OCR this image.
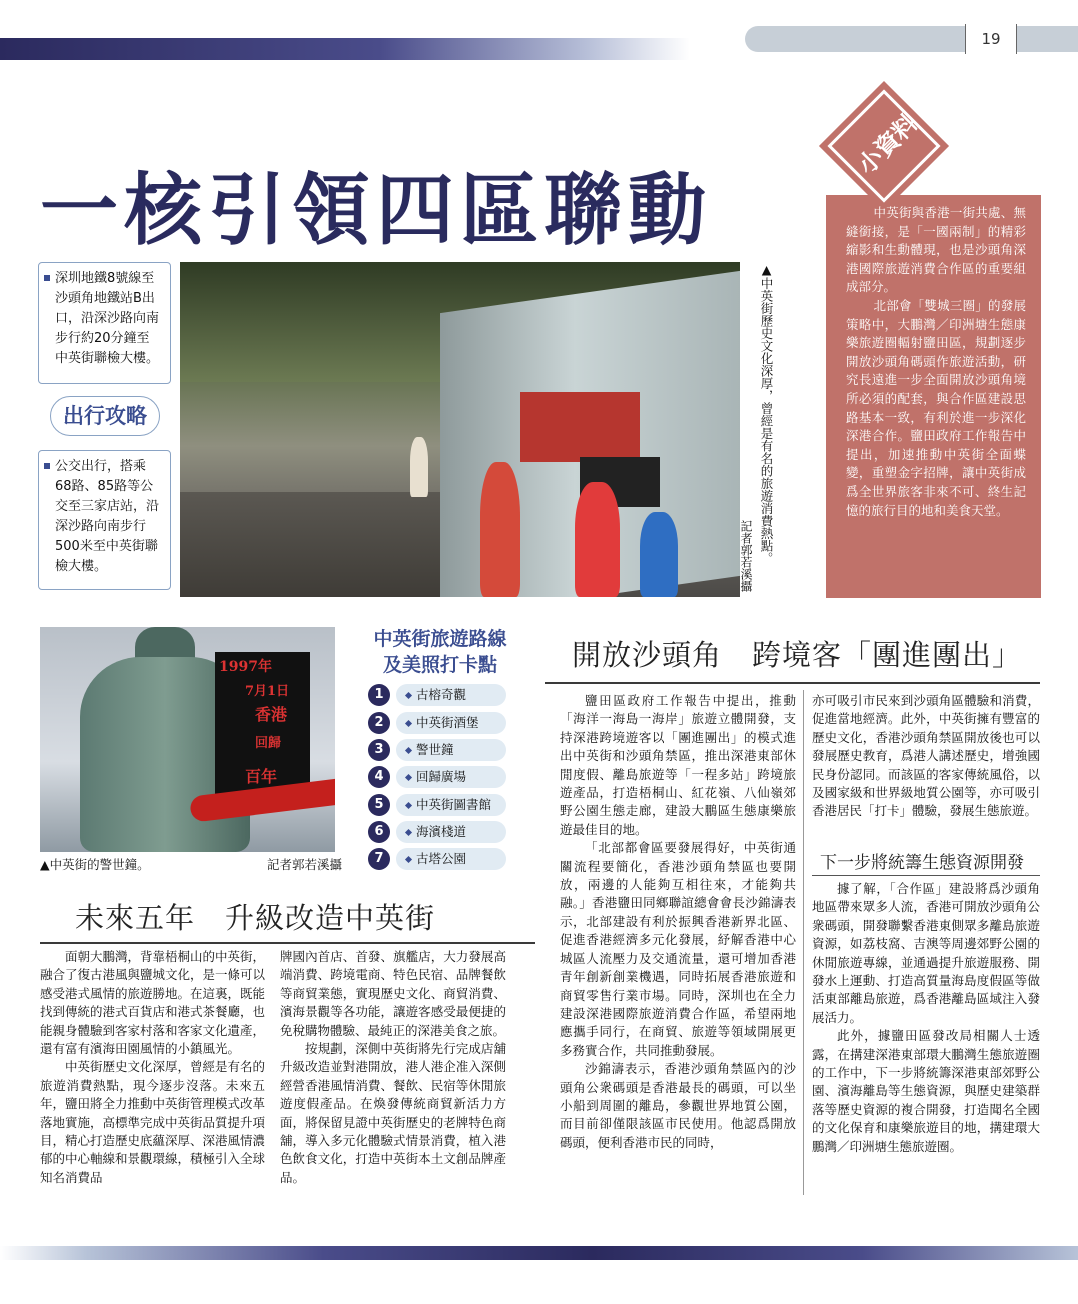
19
一核引領四區聯動
小資料

中英街與香港一街共處、無縫銜接，是「一國兩制」的精彩縮影和生動體現，也是沙頭角深港國際旅遊消費合作區的重要組成部分。

北部會「雙城三圈」的發展策略中，大鵬灣／印洲塘生態康樂旅遊圈輻射鹽田區，規劃逐步開放沙頭角碼頭作旅遊活動，研究長遠進一步全面開放沙頭角境所必須的配套，與合作區建設思路基本一致，有利於進一步深化深港合作。鹽田政府工作報告中提出，加速推動中英街全面蝶變，重塑金字招牌，讓中英街成爲全世界旅客非來不可、終生記憶的旅行目的地和美食天堂。

深圳地鐵8號線至沙頭角地鐵站B出口，沿深沙路向南步行約20分鐘至中英街聯檢大樓。
出行攻略
公交出行，搭乘68路、85路等公交至三家店站，沿深沙路向南步行500米至中英街聯檢大樓。
▲中英街歷史文化深厚，曾經是有名的旅遊消費熱點。
記者郭若溪攝
1997年
7月1日
香港
回歸
百年
▲中英街的警世鐘。	記者郭若溪攝
中英街旅遊路線
及美照打卡點
1	古榕奇觀
2	中英街酒堡
3	警世鐘
4	回歸廣場
5	中英街圖書館
6	海濱棧道
7	古塔公園
開放沙頭角　跨境客「團進團出」
未來五年　升級改造中英街

面朝大鵬灣，背靠梧桐山的中英街，融合了復古港風與鹽城文化，是一條可以感受港式風情的旅遊勝地。在這裏，既能找到傳統的港式百貨店和港式茶餐廳，也能親身體驗到客家村落和客家文化遺產，還有富有濱海田園風情的小鎮風光。

中英街歷史文化深厚，曾經是有名的旅遊消費熱點，現今逐步沒落。未來五年，鹽田將全力推動中英街管理模式改革落地實施，高標準完成中英街品質提升項目，精心打造歷史底蘊深厚、深港風情濃郁的中心軸線和景觀環線，積極引入全球知名消費品

牌國內首店、首發、旗艦店，大力發展高端消費、跨境電商、特色民宿、品牌餐飲等商貿業態，實現歷史文化、商貿消費、濱海景觀等各功能，讓遊客感受最便捷的免稅購物體驗、最純正的深港美食之旅。

按規劃，深側中英街將先行完成店舖升級改造並對港開放，港人港企准入深側經營香港風情消費、餐飲、民宿等休閒旅遊度假產品。在煥發傳統商貿新活力方面，將保留見證中英街歷史的老牌特色商舖，導入多元化體驗式情景消費，植入港色飲食文化，打造中英街本土文創品牌產品。

鹽田區政府工作報告中提出，推動「海洋一海島一海岸」旅遊立體開發，支持深港跨境遊客以「團進團出」的模式進出中英街和沙頭角禁區，推出深港東部休閒度假、離島旅遊等「一程多站」跨境旅遊產品，打造梧桐山、紅花嶺、八仙嶺郊野公園生態走廊，建設大鵬區生態康樂旅遊最佳目的地。

「北部都會區要發展得好，中英街通關流程要簡化，香港沙頭角禁區也要開放，兩邊的人能夠互相往來，才能夠共融。」香港鹽田同鄉聯誼總會會長沙錦濤表示，北部建設有利於振興香港新界北區、促進香港經濟多元化發展，紓解香港中心城區人流壓力及交通流量，還可增加香港青年創新創業機遇，同時拓展香港旅遊和商貿零售行業市場。同時，深圳也在全力建設深港國際旅遊消費合作區，希望兩地應攜手同行，在商貿、旅遊等領域開展更多務實合作，共同推動發展。

沙錦濤表示，香港沙頭角禁區內的沙頭角公衆碼頭是香港最長的碼頭，可以坐小船到周圍的離島，參觀世界地質公園，而目前卻僅限該區市民使用。他認爲開放碼頭，便利香港市民的同時，

亦可吸引市民來到沙頭角區體驗和消費，促進當地經濟。此外，中英街擁有豐富的歷史文化，香港沙頭角禁區開放後也可以發展歷史教育，爲港人講述歷史，增強國民身份認同。而該區的客家傳統風俗，以及國家級和世界級地質公園等，亦可吸引香港居民「打卡」體驗，發展生態旅遊。

下一步將統籌生態資源開發

據了解，「合作區」建設將爲沙頭角地區帶來眾多人流，香港可開放沙頭角公衆碼頭，開發聯繫香港東側眾多離島旅遊資源，如荔枝窩、吉澳等周邊郊野公園的休閒旅遊專線，並通過提升旅遊服務、開發水上運動、打造高質量海島度假區等做活東部離島旅遊，爲香港離島區域注入發展活力。

此外，據鹽田區發改局相關人士透露，在搆建深港東部環大鵬灣生態旅遊圈的工作中，下一步將統籌深港東部郊野公園、濱海離島等生態資源，與歷史建築群落等歷史資源的複合開發，打造聞名全國的文化保育和康樂旅遊目的地，搆建環大鵬灣／印洲塘生態旅遊圈。
